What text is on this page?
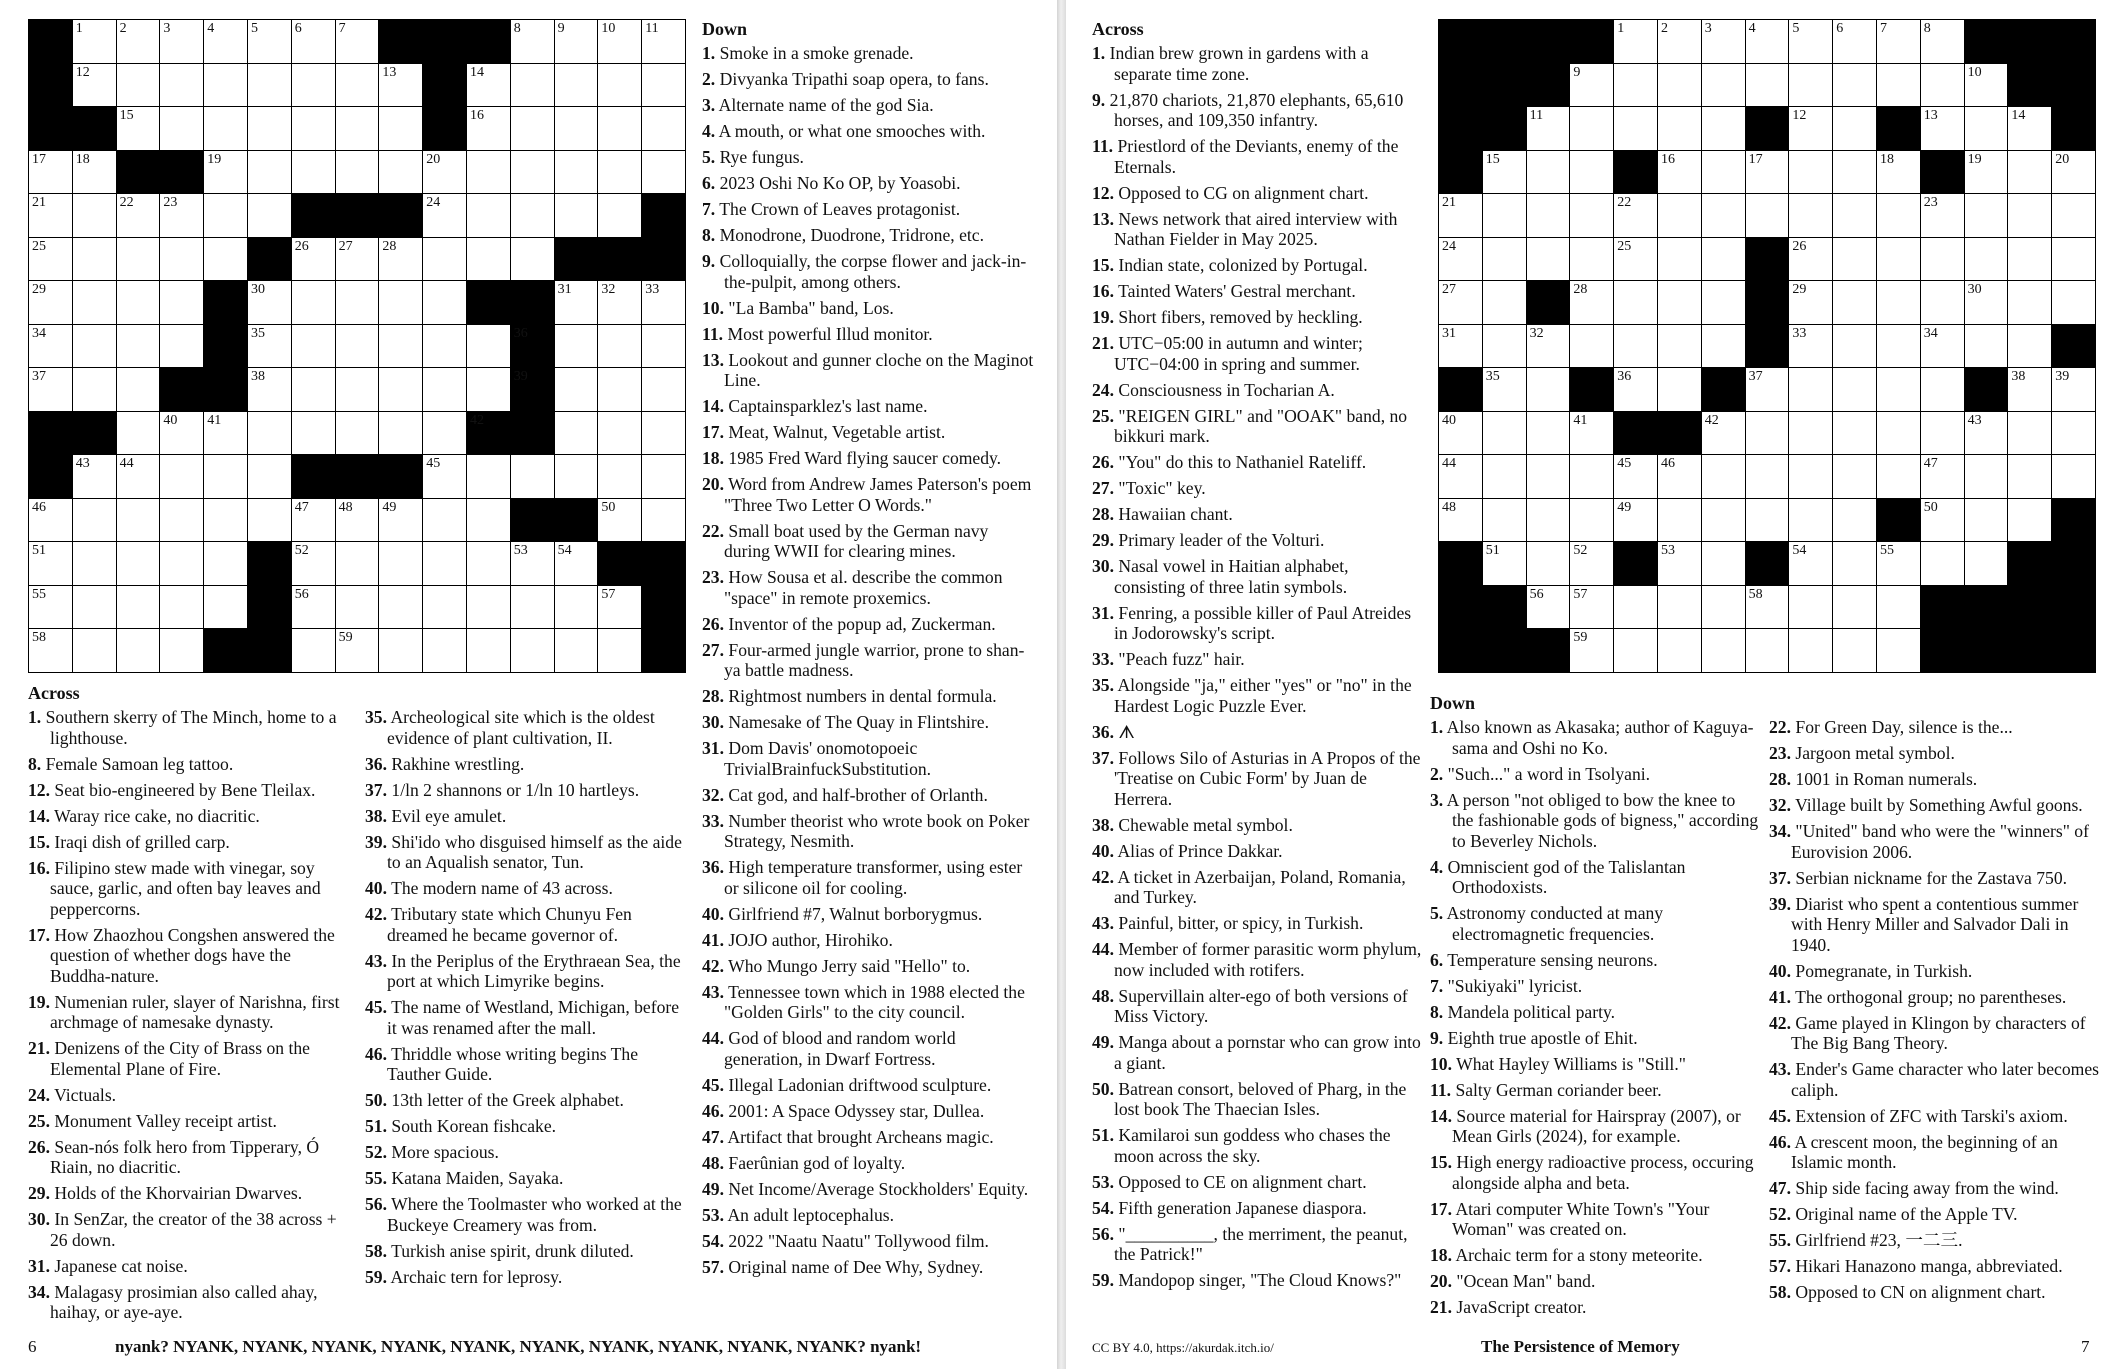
1	2	3	4	5	6	7	8	9	10 11
12	13	14
15	16
17 18	19	20
21	22 23	24
25	26 27 28
29	30	31 32 33
34	35	36
37	38	39
40 41	42
43 44	45
46	47 48 49	50
51	52	53 54
55	56	57
58	59
Down
1. Smoke in a smoke grenade.
2. Divyanka Tripathi soap opera, to fans.
3. Alternate name of the god Sia.
4. A mouth, or what one smooches with.
5. Rye fungus.
6. 2023 Oshi No Ko OP, by Yoasobi.
7. The Crown of Leaves protagonist.
8. Monodrone, Duodrone, Tridrone, etc.
9. Colloquially, the corpse flower and jack-in-the-pulpit, among others.
10. "La Bamba" band, Los.
11. Most powerful Illud monitor.
13. Lookout and gunner cloche on the Maginot Line.
14. Captainsparklez's last name.
17. Meat, Walnut, Vegetable artist.
18. 1985 Fred Ward flying saucer comedy.
20. Word from Andrew James Paterson's poem "Three Two Letter O Words."
22. Small boat used by the German navy during WWII for clearing mines.
23. How Sousa et al. describe the common "space" in remote proxemics.
26. Inventor of the popup ad, Zuckerman.
27. Four-armed jungle warrior, prone to shan-ya battle madness.
28. Rightmost numbers in dental formula.
30. Namesake of The Quay in Flintshire.
31. Dom Davis' onomotopoeic TrivialBrainfuckSubstitution.
32. Cat god, and half-brother of Orlanth.
33. Number theorist who wrote book on Poker Strategy, Nesmith.
36. High temperature transformer, using ester or silicone oil for cooling.
40. Girlfriend #7, Walnut borborygmus.
41. JOJO author, Hirohiko.
42. Who Mungo Jerry said "Hello" to.
43. Tennessee town which in 1988 elected the "Golden Girls" to the city council.
44. God of blood and random world generation, in Dwarf Fortress.
45. Illegal Ladonian driftwood sculpture.
46. 2001: A Space Odyssey star, Dullea.
47. Artifact that brought Archeans magic.
48. Faerûnian god of loyalty.
49. Net Income/Average Stockholders' Equity.
53. An adult leptocephalus.
54. 2022 "Naatu Naatu" Tollywood film.
57. Original name of Dee Why, Sydney.
Across
1. Southern skerry of The Minch, home to a lighthouse.
8. Female Samoan leg tattoo.
12. Seat bio-engineered by Bene Tleilax.
14. Waray rice cake, no diacritic.
15. Iraqi dish of grilled carp.
16. Filipino stew made with vinegar, soy sauce, garlic, and often bay leaves and peppercorns.
17. How Zhaozhou Congshen answered the question of whether dogs have the Buddha-nature.
19. Numenian ruler, slayer of Narishna, first archmage of namesake dynasty.
21. Denizens of the City of Brass on the Elemental Plane of Fire.
24. Victuals.
25. Monument Valley receipt artist.
26. Sean-nós folk hero from Tipperary, Ó Riain, no diacritic.
29. Holds of the Khorvairian Dwarves.
30. In SenZar, the creator of the 38 across + 26 down.
31. Japanese cat noise.
34. Malagasy prosimian also called ahay, haihay, or aye-aye.
35. Archeological site which is the oldest evidence of plant cultivation, II.
36. Rakhine wrestling.
37. 1/ln 2 shannons or 1/ln 10 hartleys.
38. Evil eye amulet.
39. Shi'ido who disguised himself as the aide to an Aqualish senator, Tun.
40. The modern name of 43 across.
42. Tributary state which Chunyu Fen dreamed he became governor of.
43. In the Periplus of the Erythraean Sea, the port at which Limyrike begins.
45. The name of Westland, Michigan, before it was renamed after the mall.
46. Thriddle whose writing begins The Tauther Guide.
50. 13th letter of the Greek alphabet.
51. South Korean fishcake.
52. More spacious.
55. Katana Maiden, Sayaka.
56. Where the Toolmaster who worked at the Buckeye Creamery was from.
58. Turkish anise spirit, drunk diluted.
59. Archaic tern for leprosy.
6	nyank? NYANK, NYANK, NYANK, NYANK, NYANK, NYANK, NYANK, NYANK, NYANK, NYANK? nyank!
Across
1. Indian brew grown in gardens with a separate time zone.
9. 21,870 chariots, 21,870 elephants, 65,610 horses, and 109,350 infantry.
11. Priestlord of the Deviants, enemy of the Eternals.
12. Opposed to CG on alignment chart.
13. News network that aired interview with Nathan Fielder in May 2025.
15. Indian state, colonized by Portugal.
16. Tainted Waters' Gestral merchant.
19. Short fibers, removed by heckling.
21. UTC−05:00 in autumn and winter; UTC−04:00 in spring and summer.
24. Consciousness in Tocharian A.
25. "REIGEN GIRL" and "OOAK" band, no bikkuri mark.
26. "You" do this to Nathaniel Rateliff.
27. "Toxic" key.
28. Hawaiian chant.
29. Primary leader of the Volturi.
30. Nasal vowel in Haitian alphabet, consisting of three latin symbols.
31. Fenring, a possible killer of Paul Atreides in Jodorowsky's script.
33. "Peach fuzz" hair.
35. Alongside "ja," either "yes" or "no" in the Hardest Logic Puzzle Ever.
36. ᗑ
37. Follows Silo of Asturias in A Propos of the 'Treatise on Cubic Form' by Juan de Herrera.
38. Chewable metal symbol.
40. Alias of Prince Dakkar.
42. A ticket in Azerbaijan, Poland, Romania, and Turkey.
43. Painful, bitter, or spicy, in Turkish.
44. Member of former parasitic worm phylum, now included with rotifers.
48. Supervillain alter-ego of both versions of Miss Victory.
49. Manga about a pornstar who can grow into a giant.
50. Batrean consort, beloved of Pharg, in the lost book The Thaecian Isles.
51. Kamilaroi sun goddess who chases the moon across the sky.
53. Opposed to CE on alignment chart.
54. Fifth generation Japanese diaspora.
56. "__________, the merriment, the peanut, the Patrick!"
59. Mandopop singer, "The Cloud Knows?"
1	2	3	4	5	6	7	8
9	10
11	12	13	14
15	16	17	18	19	20
21	22	23
24	25	26
27	28	29	30
31	32	33	34
35	36	37	38 39
40	41	42	43
44	45 46	47
48	49	50
51	52	53	54	55
56 57	58
59
Down
1. Also known as Akasaka; author of Kaguya-sama and Oshi no Ko.
2. "Such..." a word in Tsolyani.
3. A person "not obliged to bow the knee to the fashionable gods of bigness," according to Beverley Nichols.
4. Omniscient god of the Talislantan Orthodoxists.
5. Astronomy conducted at many electromagnetic frequencies.
6. Temperature sensing neurons.
7. "Sukiyaki" lyricist.
8. Mandela political party.
9. Eighth true apostle of Ehit.
10. What Hayley Williams is "Still."
11. Salty German coriander beer.
14. Source material for Hairspray (2007), or Mean Girls (2024), for example.
15. High energy radioactive process, occuring alongside alpha and beta.
17. Atari computer White Town's "Your Woman" was created on.
18. Archaic term for a stony meteorite.
20. "Ocean Man" band.
21. JavaScript creator.
22. For Green Day, silence is the...
23. Jargoon metal symbol.
28. 1001 in Roman numerals.
32. Village built by Something Awful goons.
34. "United" band who were the "winners" of Eurovision 2006.
37. Serbian nickname for the Zastava 750.
39. Diarist who spent a contentious summer with Henry Miller and Salvador Dali in 1940.
40. Pomegranate, in Turkish.
41. The orthogonal group; no parentheses.
42. Game played in Klingon by characters of The Big Bang Theory.
43. Ender's Game character who later becomes caliph.
45. Extension of ZFC with Tarski's axiom.
46. A crescent moon, the beginning of an Islamic month.
47. Ship side facing away from the wind.
52. Original name of the Apple TV.
55. Girlfriend #23, 一二三.
57. Hikari Hanazono manga, abbreviated.
58. Opposed to CN on alignment chart.
CC BY 4.0, https://akurdak.itch.io/	The Persistence of Memory	7
